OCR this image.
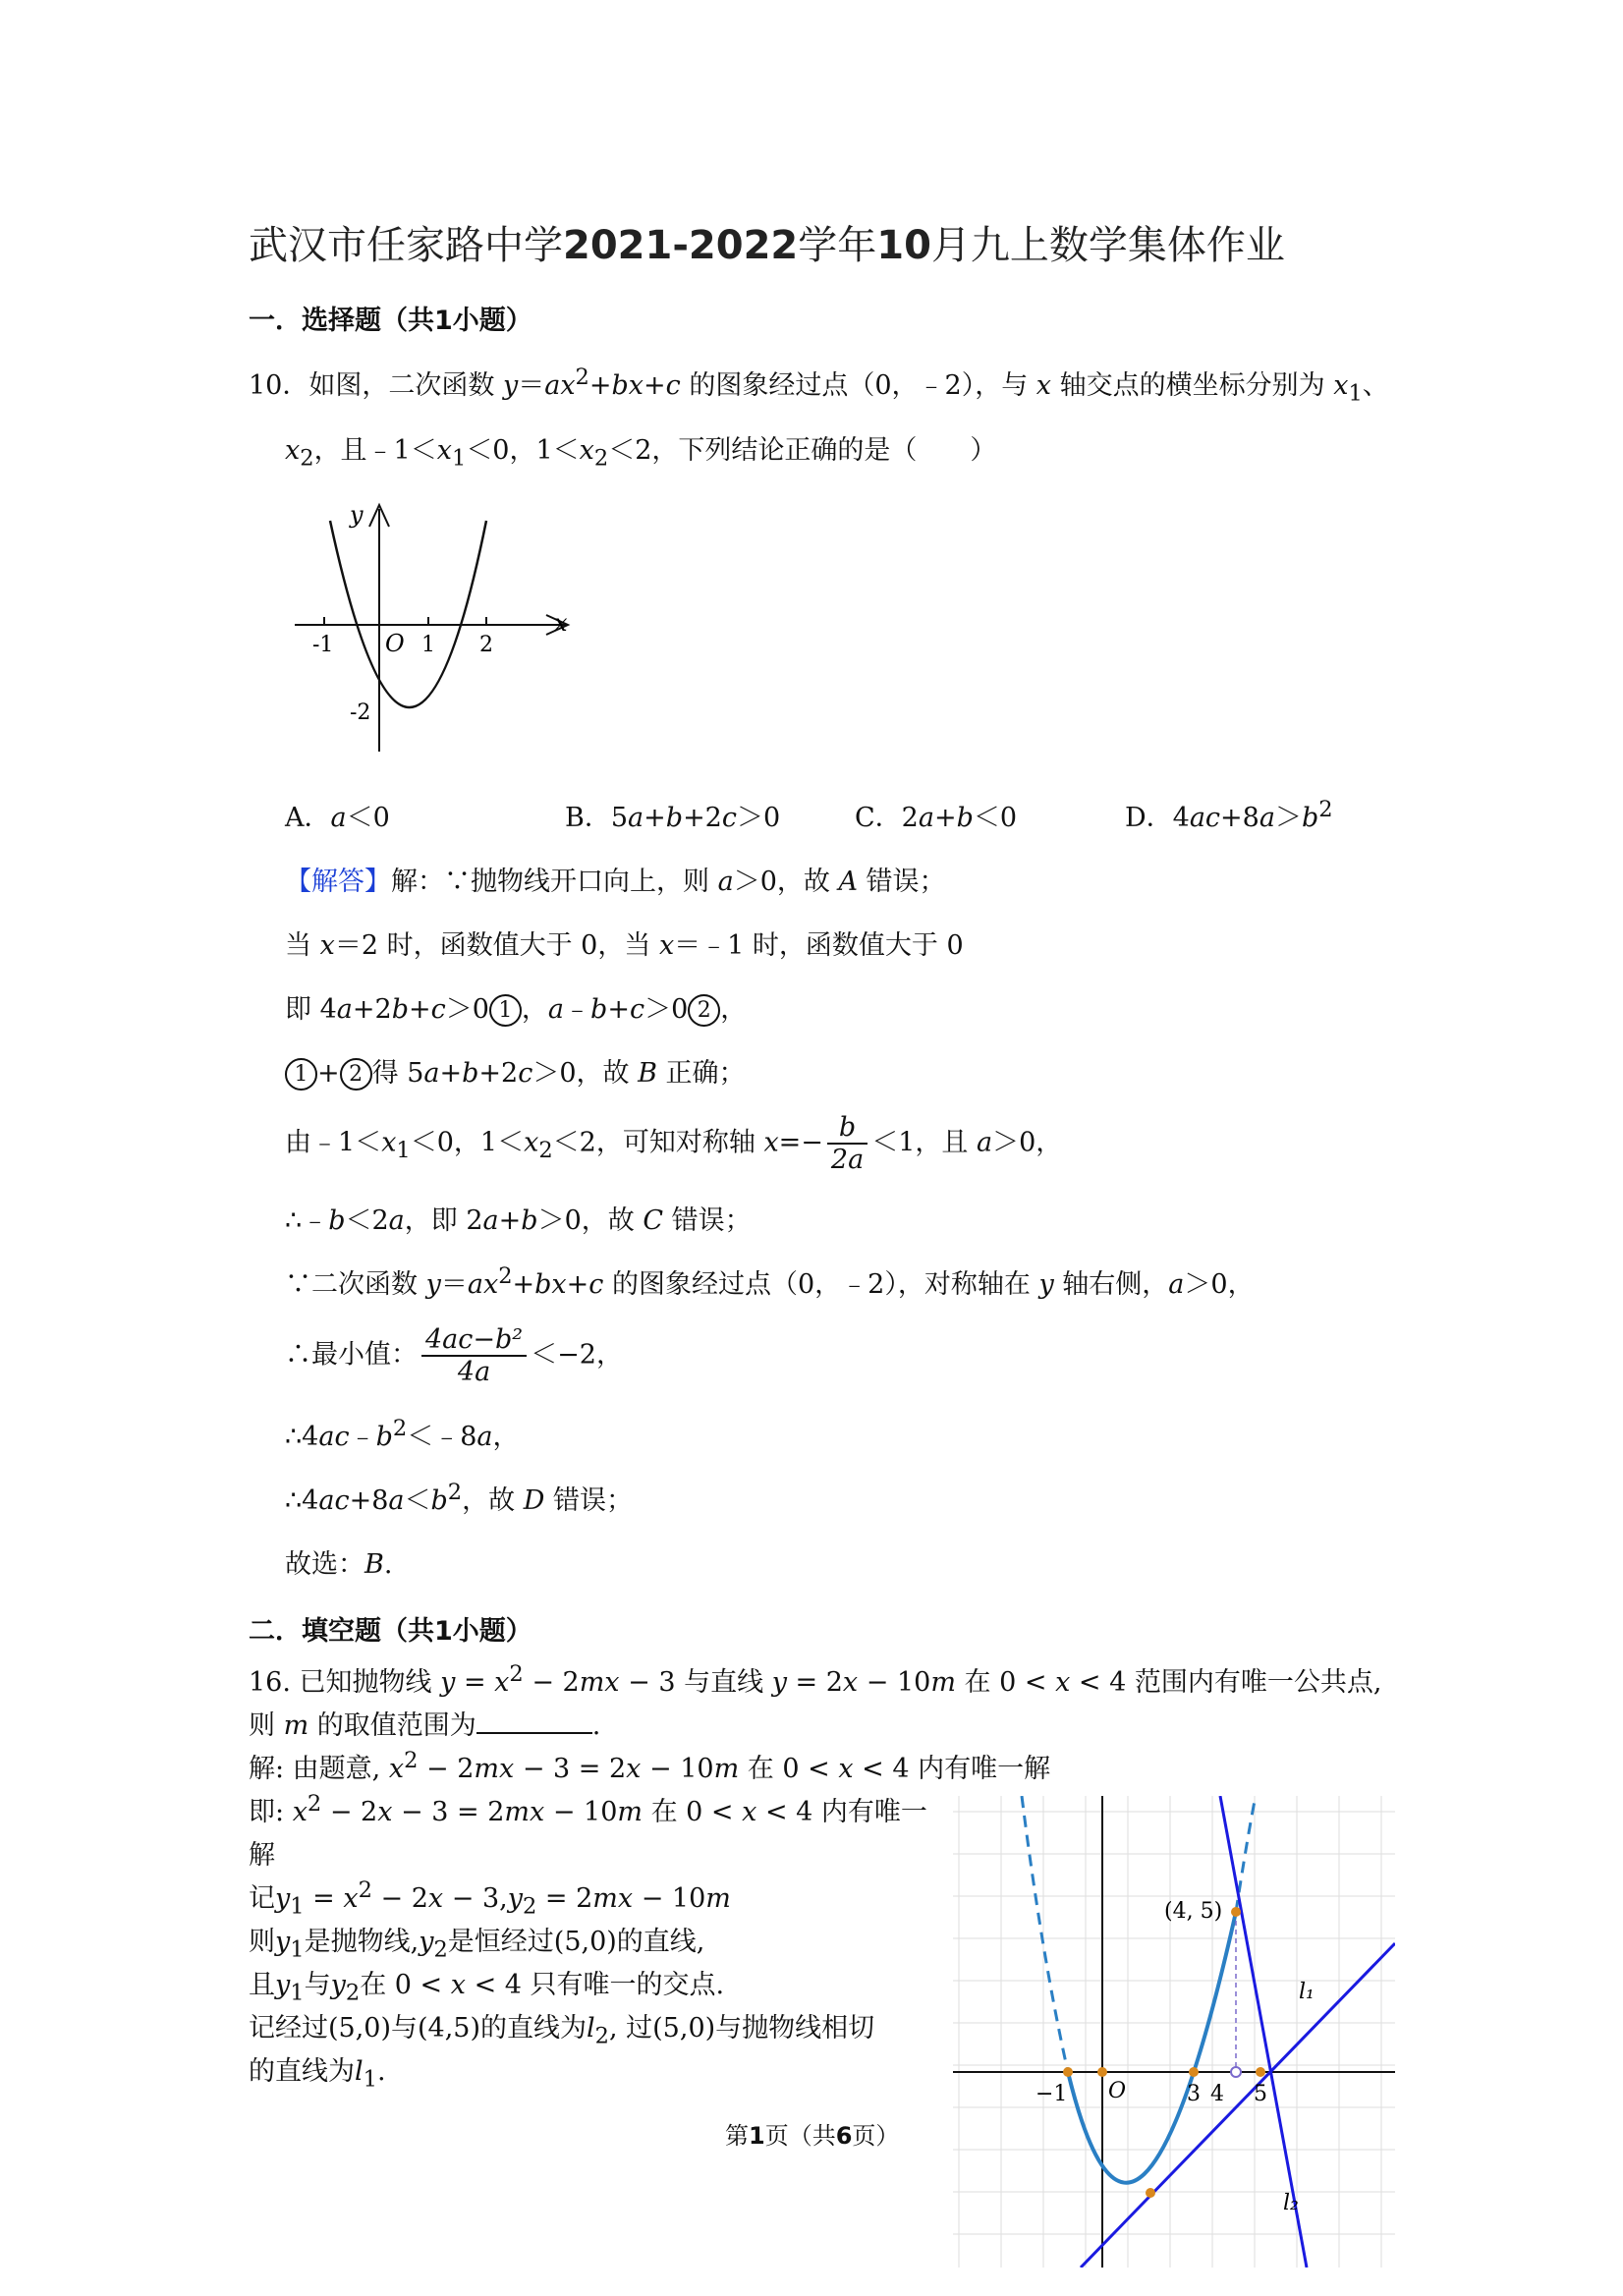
武汉市任家路中学2021-2022学年10月九上数学集体作业
一．选择题（共1小题）
10．如图，二次函数 $y=ax^2+bx+c$ 的图象经过点（0，﹣2），与 x 轴交点的横坐标分别为 $x_1$、
$x_2$，且$﹣1<x_1<0$，$1<x_2<2$，下列结论正确的是（　　）
-1 O 1 2
-2
y
x
A．a＜0	B．5a+b+2c＞0	C．2a+b＜0	D．$4ac+8a>b^2$
【解答】解：∵抛物线开口向上，则 a＞0，故 A 错误；
当 x＝2 时，函数值大于 0，当 x＝﹣1 时，函数值大于 0
即 4a+2b+c＞0 1 ，a﹣b+c＞0 2 ，
1 + 2 得 5a+b+2c＞0，故 B 正确；
由$﹣1<x_1<0$，$1<x_2<2$，可知对称轴 $x=- \frac{b}{2a} <1$，且 a＞0，
∴﹣b＜2a，即 2a+b＞0，故 C 错误；
∵二次函数 $y=ax^2+bx+c$ 的图象经过点（0，﹣2），对称轴在 y 轴右侧，a＞0，
∴最小值： $\frac{\text{4ac−b²}}{4a} <-2$，
$\therefore 4ac﹣b^2<﹣8a$，
$\therefore 4ac+8a<b^2$，故 D 错误；
故选：B.
二．填空题（共1小题）
16. 已知抛物线 $y = x^2 - 2mx - 3$ 与直线 y = 2x − 10m 在 0 < x < 4 范围内有唯一公共点,
则 m 的取值范围为	.
解: 由题意, $x^2 - 2mx - 3 = 2x - 10m$ 在 0 < x < 4 内有唯一解
即: $x^2 - 2x - 3 = 2mx - 10m$ 在 0 < x < 4 内有唯一
解
记$y_1 = x^2 - 2x - 3,y_2 = 2mx - 10m$
则$y_1$是抛物线$,y_2$是恒经过(5,0)的直线,
且$y_1$与$y_2$在 0 < x < 4 只有唯一的交点.
记经过(5,0)与(4,5)的直线为$l_2$, 过(5,0)与抛物线相切
的直线为$l_1$.
(4, 5)
l₁
l₂
−1 O	3 4 5
第1页（共6页）
